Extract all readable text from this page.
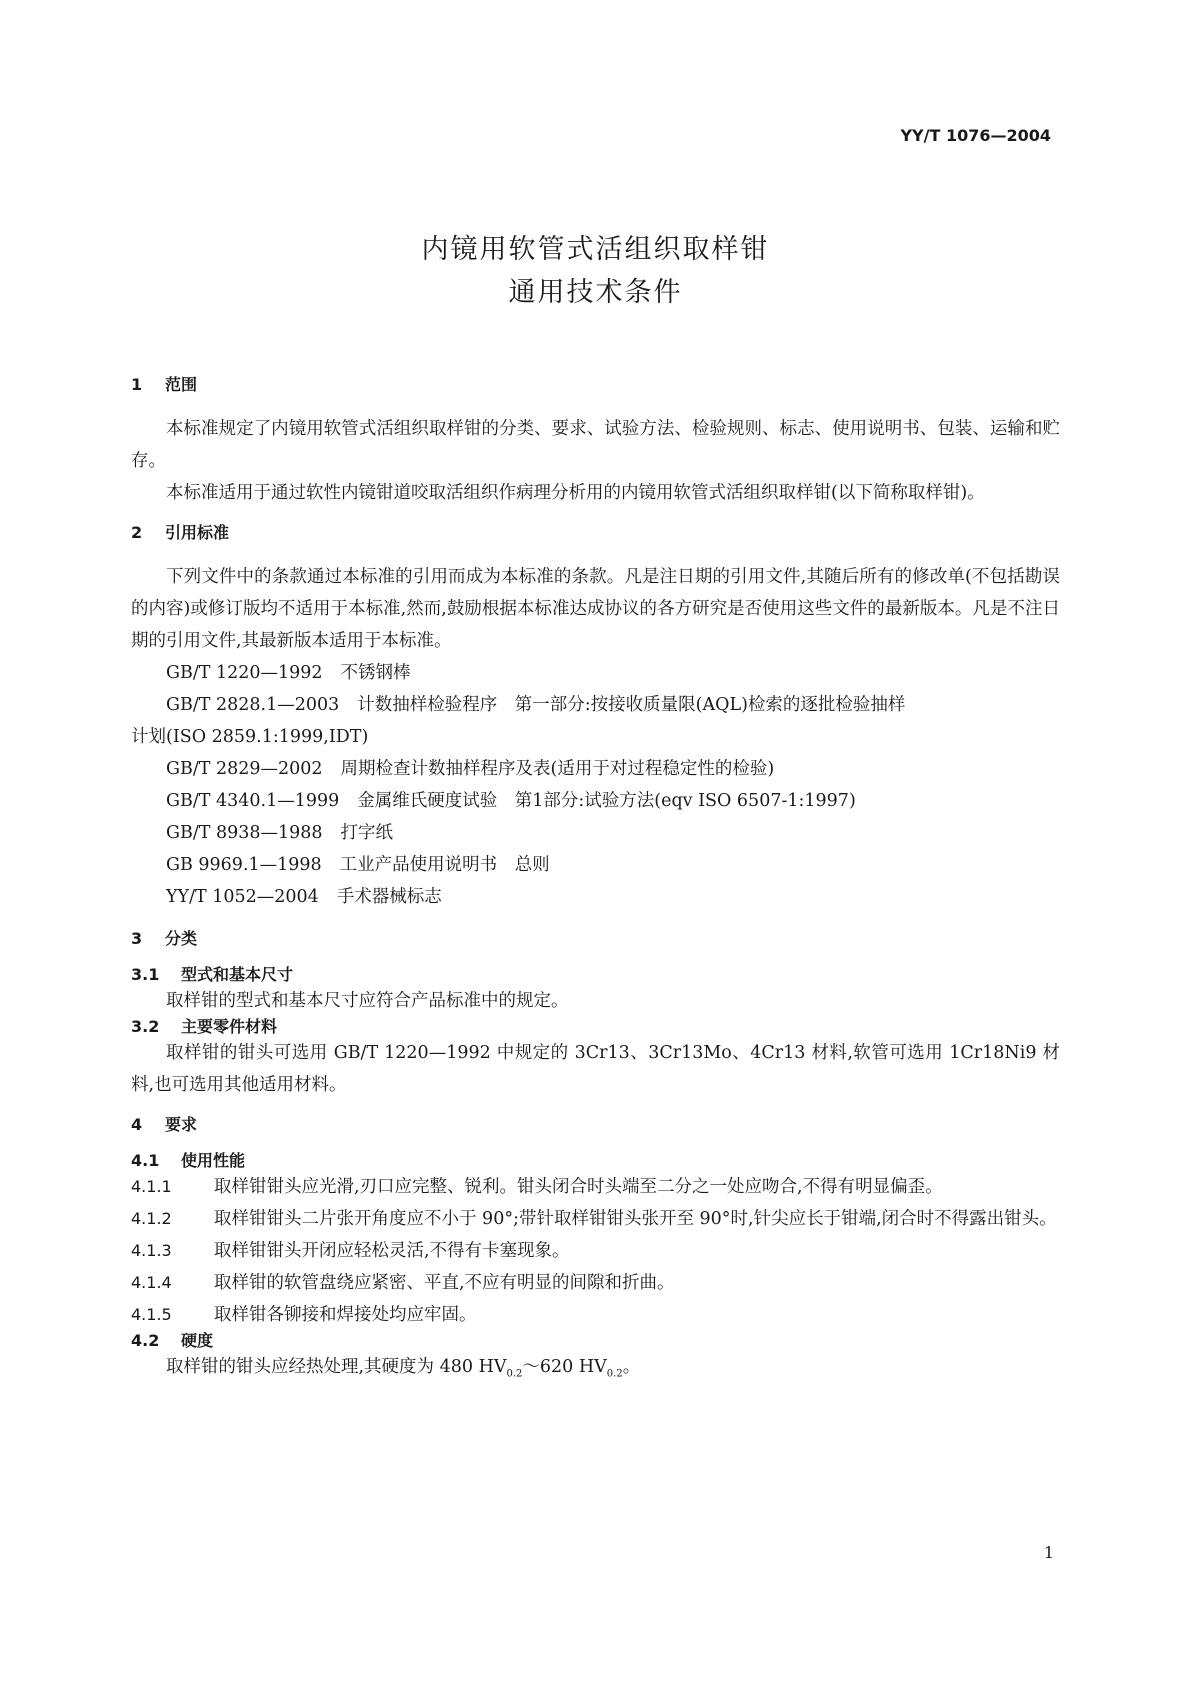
YY/T 1076—2004
内镜用软管式活组织取样钳
通用技术条件
1 范围

本标准规定了内镜用软管式活组织取样钳的分类、要求、试验方法、检验规则、标志、使用说明书、包装、运输和贮存。

本标准适用于通过软性内镜钳道咬取活组织作病理分析用的内镜用软管式活组织取样钳(以下简称取样钳)。

2 引用标准

下列文件中的条款通过本标准的引用而成为本标准的条款。凡是注日期的引用文件,其随后所有的修改单(不包括勘误的内容)或修订版均不适用于本标准,然而,鼓励根据本标准达成协议的各方研究是否使用这些文件的最新版本。凡是不注日期的引用文件,其最新版本适用于本标准。

GB/T 1220—1992 不锈钢棒

GB/T 2828.1—2003 计数抽样检验程序　第一部分:按接收质量限(AQL)检索的逐批检验抽样

计划(ISO 2859.1:1999,IDT)

GB/T 2829—2002 周期检查计数抽样程序及表(适用于对过程稳定性的检验)

GB/T 4340.1—1999 金属维氏硬度试验　第1部分:试验方法(eqv ISO 6507-1:1997)

GB/T 8938—1988 打字纸

GB 9969.1—1998 工业产品使用说明书　总则

YY/T 1052—2004 手术器械标志

3 分类
3.1 型式和基本尺寸

取样钳的型式和基本尺寸应符合产品标准中的规定。

3.2 主要零件材料

取样钳的钳头可选用 GB/T 1220—1992 中规定的 3Cr13、3Cr13Mo、4Cr13 材料,软管可选用 1Cr18Ni9 材料,也可选用其他适用材料。

4 要求
4.1 使用性能

4.1.1 取样钳钳头应光滑,刃口应完整、锐利。钳头闭合时头端至二分之一处应吻合,不得有明显偏歪。

4.1.2 取样钳钳头二片张开角度应不小于 90°;带针取样钳钳头张开至 90°时,针尖应长于钳端,闭合时不得露出钳头。

4.1.3 取样钳钳头开闭应轻松灵活,不得有卡塞现象。

4.1.4 取样钳的软管盘绕应紧密、平直,不应有明显的间隙和折曲。

4.1.5 取样钳各铆接和焊接处均应牢固。

4.2 硬度

取样钳的钳头应经热处理,其硬度为 480 $HV_{0.2}\sim 620$ $HV_{0.2}$。

1
